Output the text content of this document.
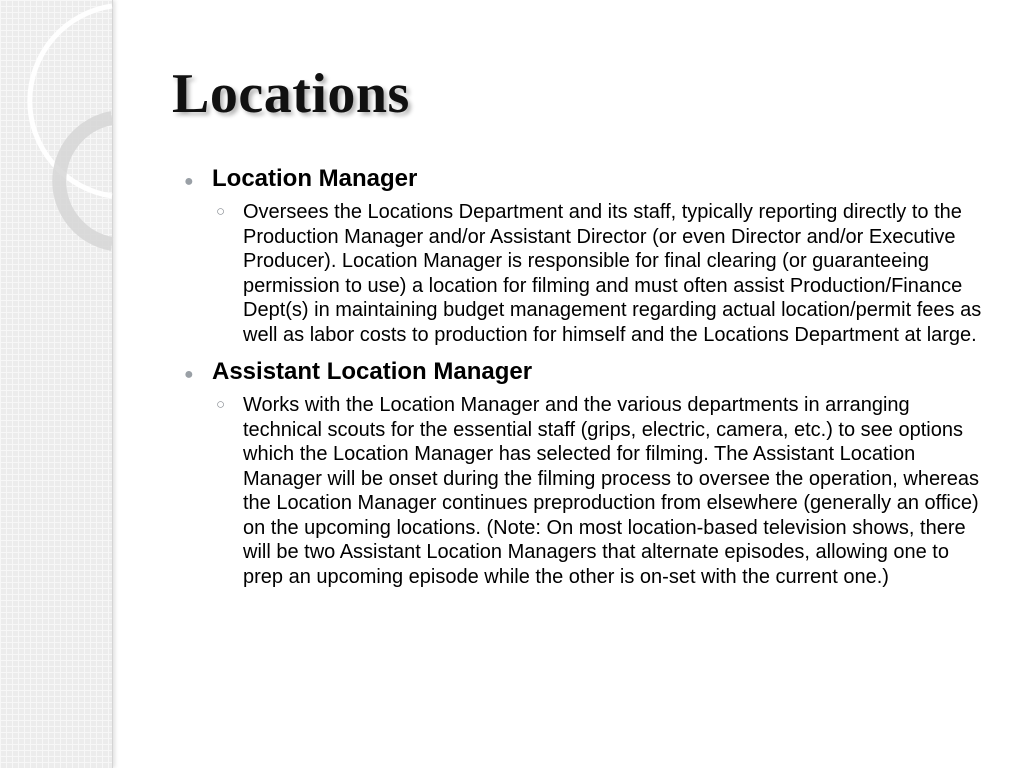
Locations
● Location Manager
○ Oversees the Locations Department and its staff, typically reporting directly to the Production Manager and/or Assistant Director (or even Director and/or Executive Producer). Location Manager is responsible for final clearing (or guaranteeing permission to use) a location for filming and must often assist Production/Finance Dept(s) in maintaining budget management regarding actual location/permit fees as well as labor costs to production for himself and the Locations Department at large.
● Assistant Location Manager
○ Works with the Location Manager and the various departments in arranging technical scouts for the essential staff (grips, electric, camera, etc.) to see options which the Location Manager has selected for filming. The Assistant Location Manager will be onset during the filming process to oversee the operation, whereas the Location Manager continues preproduction from elsewhere (generally an office) on the upcoming locations. (Note: On most location-based television shows, there will be two Assistant Location Managers that alternate episodes, allowing one to prep an upcoming episode while the other is on-set with the current one.)
